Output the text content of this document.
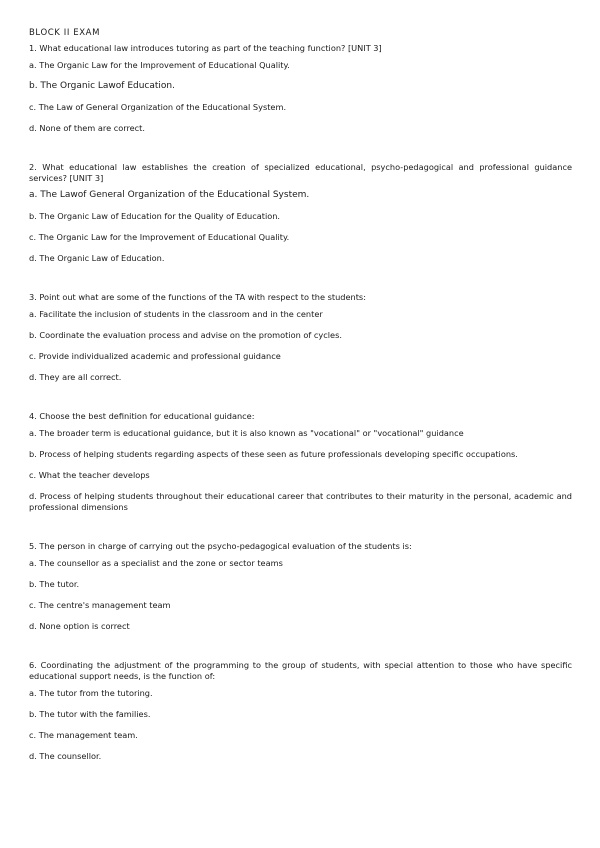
BLOCK II EXAM

1. What educational law introduces tutoring as part of the teaching function? [UNIT 3]

a. The Organic Law for the Improvement of Educational Quality.

b. The Organic Lawof Education.

c. The Law of General Organization of the Educational System.

d. None of them are correct.

2. What educational law establishes the creation of specialized educational, psycho-pedagogical and professional guidance services? [UNIT 3]

a. The Lawof General Organization of the Educational System.

b. The Organic Law of Education for the Quality of Education.

c. The Organic Law for the Improvement of Educational Quality.

d. The Organic Law of Education.

3. Point out what are some of the functions of the TA with respect to the students:

a. Facilitate the inclusion of students in the classroom and in the center

b. Coordinate the evaluation process and advise on the promotion of cycles.

c. Provide individualized academic and professional guidance

d. They are all correct.

4. Choose the best definition for educational guidance:

a. The broader term is educational guidance, but it is also known as "vocational" or "vocational" guidance

b. Process of helping students regarding aspects of these seen as future professionals developing specific occupations.

c. What the teacher develops

d. Process of helping students throughout their educational career that contributes to their maturity in the personal, academic and professional dimensions

5. The person in charge of carrying out the psycho-pedagogical evaluation of the students is:

a. The counsellor as a specialist and the zone or sector teams

b. The tutor.

c. The centre's management team

d. None option is correct

6. Coordinating the adjustment of the programming to the group of students, with special attention to those who have specific educational support needs, is the function of:

a. The tutor from the tutoring.

b. The tutor with the families.

c. The management team.

d. The counsellor.
